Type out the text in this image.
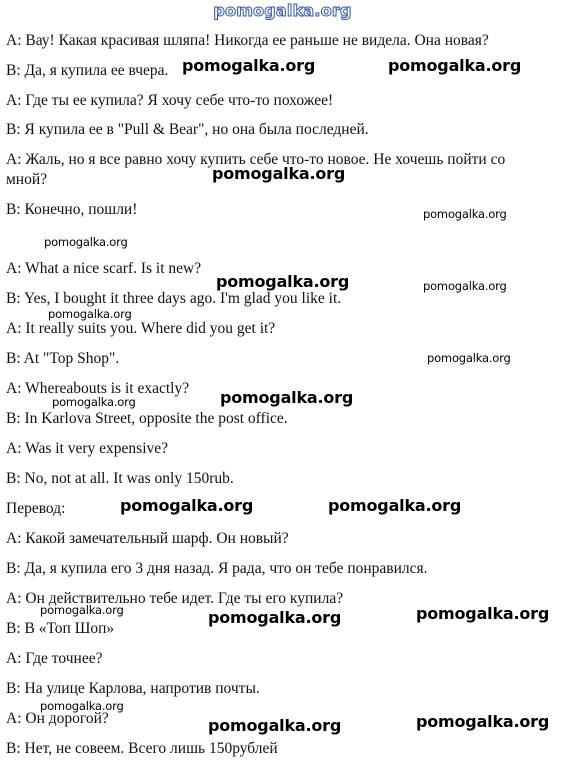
pomogalka.org
A: Вау! Какая красивая шляпа! Никогда ее раньше не видела. Она новая?
B: Да, я купила ее вчера.
A: Где ты ее купила? Я хочу себе что-то похожее!
B: Я купила ее в "Pull & Bear", но она была последней.
A: Жаль, но я все равно хочу купить себе что-то новое. Не хочешь пойти со
мной?
B: Конечно, пошли!
A: What a nice scarf. Is it new?
B: Yes, I bought it three days ago. I'm glad you like it.
A: It really suits you. Where did you get it?
B: At "Top Shop".
A: Whereabouts is it exactly?
B: In Karlova Street, opposite the post office.
A: Was it very expensive?
B: No, not at all. It was only 150rub.
Перевод:
A: Какой замечательный шарф. Он новый?
B: Да, я купила его 3 дня назад. Я рада, что он тебе понравился.
A: Он действительно тебе идет. Где ты его купила?
B: В «Топ Шоп»
A: Где точнее?
B: На улице Карлова, напротив почты.
A: Он дорогой?
B: Нет, не совеем. Всего лишь 150рублей
pomogalka.org	pomogalka.org
pomogalka.org
pomogalka.org
pomogalka.org
pomogalka.org	pomogalka.org
pomogalka.org
pomogalka.org
pomogalka.org
pomogalka.org
pomogalka.org	pomogalka.org
pomogalka.org	pomogalka.org
pomogalka.org
pomogalka.org
pomogalka.org
pomogalka.org
